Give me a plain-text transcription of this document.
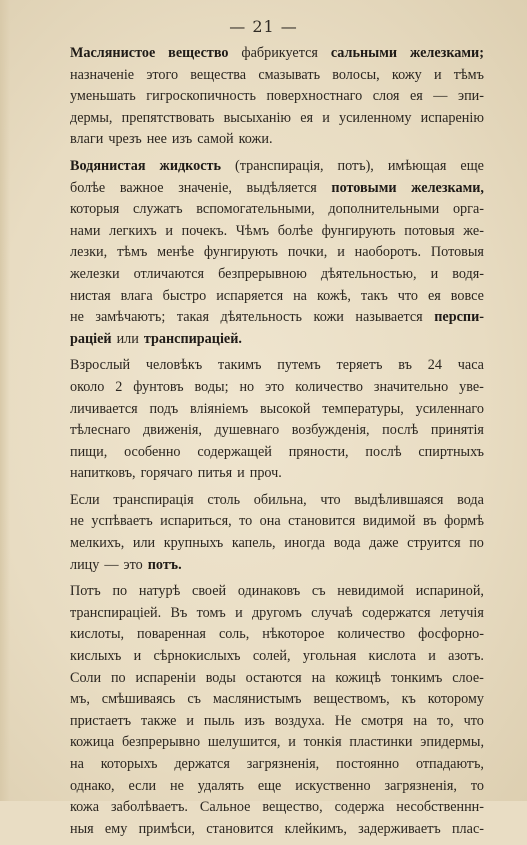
— 21 —
Маслянистое вещество фабрикуется сальными железками;
назначеніе этого вещества смазывать волосы, кожу и тѣмъ
уменьшать гигроскопичность поверхностнаго слоя ея — эпи-
дермы, препятствовать высыханію ея и усиленному испаренію
влаги чрезъ нее изъ самой кожи.
Водянистая жидкость (транспирація, потъ), имѣющая еще
болѣе важное значеніе, выдѣляется потовыми железками,
которыя служатъ вспомогательными, дополнительными орга-
нами легкихъ и почекъ. Чѣмъ болѣе фунгирують потовыя же-
лезки, тѣмъ менѣе фунгирують почки, и наоборотъ. Потовыя
железки отличаются безпрерывною дѣятельностью, и водя-
нистая влага быстро испаряется на кожѣ, такъ что ея вовсе
не замѣчаютъ; такая дѣятельность кожи называется перспи-
раціей или транспираціей.
Взрослый человѣкъ такимъ путемъ теряетъ въ 24 часа
около 2 фунтовъ воды; но это количество значительно уве-
личивается подъ вліяніемъ высокой температуры, усиленнаго
тѣлеснаго движенія, душевнаго возбужденія, послѣ принятія
пищи, особенно содержащей пряности, послѣ спиртныхъ
напитковъ, горячаго питья и проч.
Если транспирація столь обильна, что выдѣлившаяся вода
не успѣваетъ испариться, то она становится видимой въ формѣ
мелкихъ, или крупныхъ капель, иногда вода даже струится по
лицу — это потъ.
Потъ по натурѣ своей одинаковъ съ невидимой испариной,
транспираціей. Въ томъ и другомъ случаѣ содержатся летучія
кислоты, поваренная соль, нѣкоторое количество фосфорно-
кислыхъ и сѣрнокислыхъ солей, угольная кислота и азотъ.
Соли по испареніи воды остаются на кожицѣ тонкимъ слое-
мъ, смѣшиваясь съ маслянистымъ веществомъ, къ которому
пристаетъ также и пыль изъ воздуха. Не смотря на то, что
кожица безпрерывно шелушится, и тонкія пластинки эпидермы,
на которыхъ держатся загрязненія, постоянно отпадаютъ,
однако, если не удалять еще искуственно загрязненія, то
кожа заболѣваетъ. Сальное вещество, содержа несобственнн-
ныя ему примѣси, становится клейкимъ, задерживаетъ плас-
